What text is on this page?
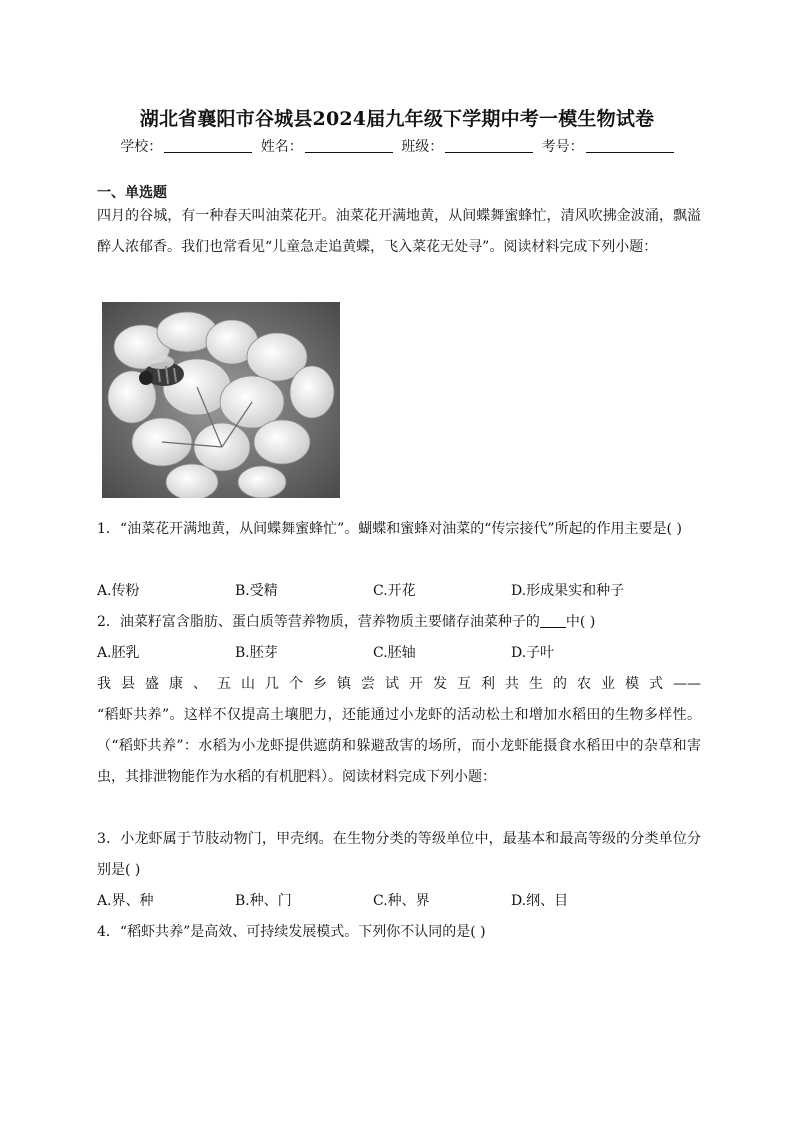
湖北省襄阳市谷城县2024届九年级下学期中考一模生物试卷
学校：	姓名：	班级：	考号：
一、单选题
四月的谷城，有一种春天叫油菜花开。油菜花开满地黄，从间蝶舞蜜蜂忙，清风吹拂金波涌，飘溢醉人浓郁香。我们也常看见“儿童急走追黄蝶，飞入菜花无处寻”。阅读材料完成下列小题：
1．“油菜花开满地黄，从间蝶舞蜜蜂忙”。蝴蝶和蜜蜂对油菜的“传宗接代”所起的作用主要是( )
A.传粉	B.受精	C.开花	D.形成果实和种子
2．油菜籽富含脂肪、蛋白质等营养物质，营养物质主要储存油菜种子的 中( )
A.胚乳	B.胚芽	C.胚轴	D.子叶
我县盛康、五山几个乡镇尝试开发互利共生的农业模式——
“稻虾共养”。这样不仅提高土壤肥力，还能通过小龙虾的活动松土和增加水稻田的生物多样性。（“稻虾共养”：水稻为小龙虾提供遮荫和躲避敌害的场所，而小龙虾能摄食水稻田中的杂草和害虫，其排泄物能作为水稻的有机肥料）。阅读材料完成下列小题：
3．小龙虾属于节肢动物门，甲壳纲。在生物分类的等级单位中，最基本和最高等级的分类单位分别是( )
A.界、种	B.种、门	C.种、界	D.纲、目
4．“稻虾共养”是高效、可持续发展模式。下列你不认同的是( )
